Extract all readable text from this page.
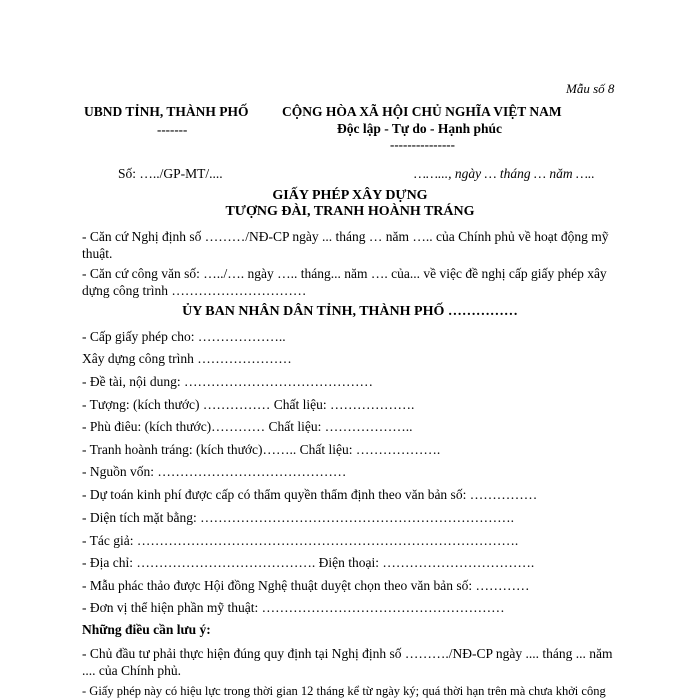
Mẫu số 8
UBND TỈNH, THÀNH PHỐ
-------
CỘNG HÒA XÃ HỘI CHỦ NGHĨA VIỆT NAM
Độc lập - Tự do - Hạnh phúc
---------------
Số: …../GP-MT/....	……..., ngày … tháng … năm …..
GIẤY PHÉP XÂY DỰNG
TƯỢNG ĐÀI, TRANH HOÀNH TRÁNG
- Căn cứ Nghị định số ………/NĐ-CP ngày ... tháng … năm ….. của Chính phủ về hoạt động mỹ thuật.
- Căn cứ công văn số: …../…. ngày ….. tháng... năm …. của... về việc đề nghị cấp giấy phép xây dựng công trình …………………………
ỦY BAN NHÂN DÂN TỈNH, THÀNH PHỐ ……………
- Cấp giấy phép cho: ………………..
Xây dựng công trình …………………
- Đề tài, nội dung: ……………………………………
- Tượng: (kích thước) …………… Chất liệu: ……………….
- Phù điêu: (kích thước)………… Chất liệu: ………………..
- Tranh hoành tráng: (kích thước)…….. Chất liệu: ……………….
- Nguồn vốn: ……………………………………
- Dự toán kinh phí được cấp có thẩm quyền thẩm định theo văn bản số: ……………
- Diện tích mặt bằng: …………………………………………………………….
- Tác giả: ………………………………………………………………………….
- Địa chỉ: …………………………………. Điện thoại: …………………………….
- Mẫu phác thảo được Hội đồng Nghệ thuật duyệt chọn theo văn bản số: …………
- Đơn vị thể hiện phần mỹ thuật: ………………………………………………
Những điều cần lưu ý:
- Chủ đầu tư phải thực hiện đúng quy định tại Nghị định số ………./NĐ-CP ngày .... tháng ... năm .... của Chính phủ.
- Giấy phép này có hiệu lực trong thời gian 12 tháng kể từ ngày ký; quá thời hạn trên mà chưa khởi công
